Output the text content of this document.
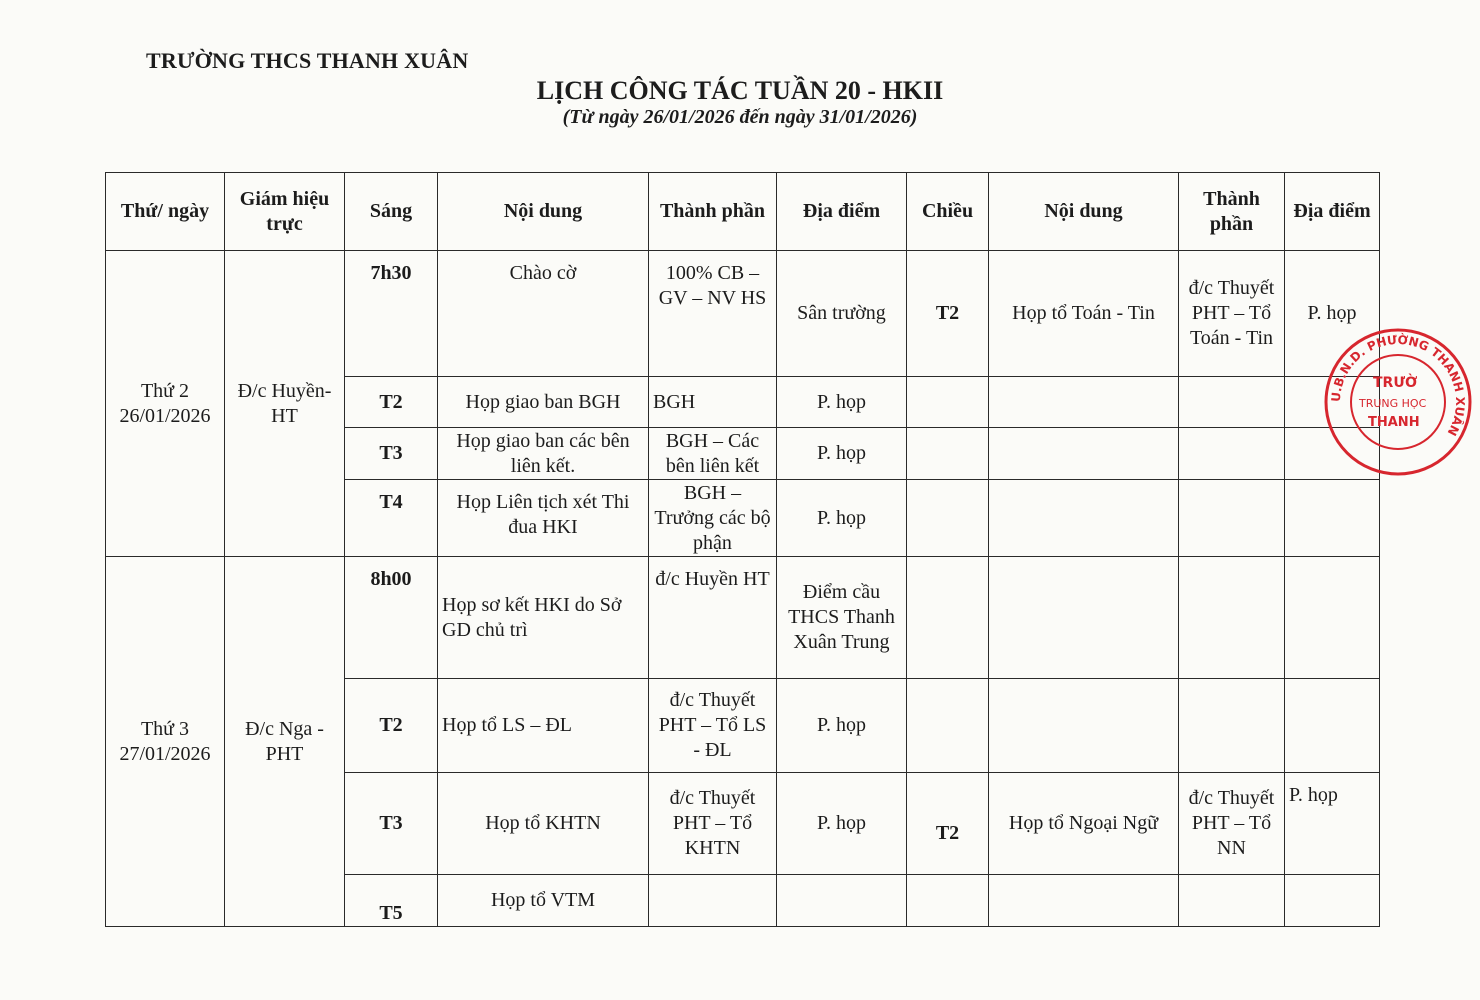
TRƯỜNG THCS THANH XUÂN
LỊCH CÔNG TÁC TUẦN 20 - HKII
(Từ ngày 26/01/2026 đến ngày 31/01/2026)
Thứ/ ngày	Giám hiệu trực	Sáng	Nội dung	Thành phần	Địa điểm	Chiều	Nội dung	Thành phần	Địa điểm
Thứ 2 26/01/2026	Đ/c Huyền- HT	7h30	Chào cờ	100% CB – GV – NV HS	Sân trường	T2	Họp tổ Toán - Tin	đ/c Thuyết PHT – Tổ Toán - Tin	P. họp
		T2	Họp giao ban BGH	BGH	P. họp				
		T3	Họp giao ban các bên liên kết.	BGH – Các bên liên kết	P. họp				
		T4	Họp Liên tịch xét Thi đua HKI	BGH – Trưởng các bộ phận	P. họp				
Thứ 3 27/01/2026	Đ/c Nga - PHT	8h00	Họp sơ kết HKI do Sở GD chủ trì	đ/c Huyền HT	Điểm cầu THCS Thanh Xuân Trung				
		T2	Họp tổ LS – ĐL	đ/c Thuyết PHT – Tổ LS - ĐL	P. họp				
		T3	Họp tổ KHTN	đ/c Thuyết PHT – Tổ KHTN	P. họp	T2	Họp tổ Ngoại Ngữ	đ/c Thuyết PHT – Tổ NN	P. họp
		T5	Họp tổ VTM						
U.B.N.D. PHƯỜNG THANH XUÂN
TRƯỜ
TRUNG HỌC
THANH
